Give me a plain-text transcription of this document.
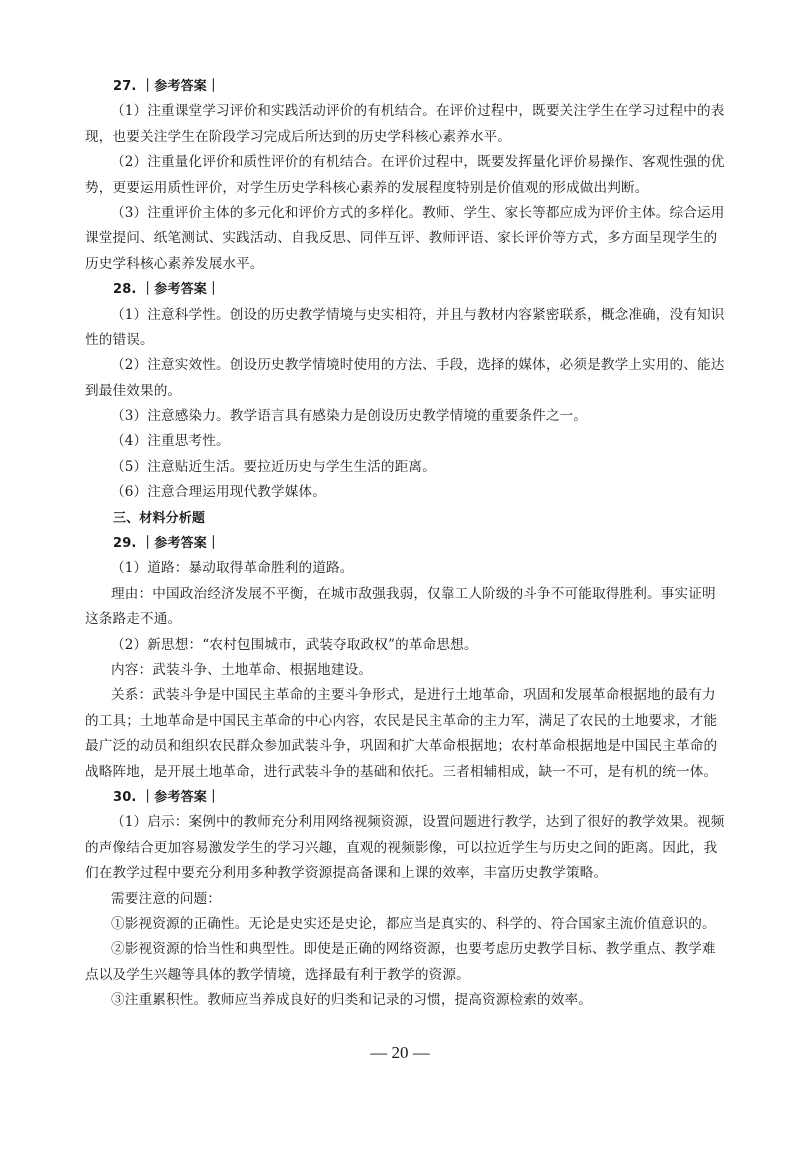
27. ｜参考答案｜
（1）注重课堂学习评价和实践活动评价的有机结合。在评价过程中，既要关注学生在学习过程中的表
现，也要关注学生在阶段学习完成后所达到的历史学科核心素养水平。
（2）注重量化评价和质性评价的有机结合。在评价过程中，既要发挥量化评价易操作、客观性强的优
势，更要运用质性评价，对学生历史学科核心素养的发展程度特别是价值观的形成做出判断。
（3）注重评价主体的多元化和评价方式的多样化。教师、学生、家长等都应成为评价主体。综合运用
课堂提问、纸笔测试、实践活动、自我反思、同伴互评、教师评语、家长评价等方式，多方面呈现学生的
历史学科核心素养发展水平。
28. ｜参考答案｜
（1）注意科学性。创设的历史教学情境与史实相符，并且与教材内容紧密联系，概念准确，没有知识
性的错误。
（2）注意实效性。创设历史教学情境时使用的方法、手段，选择的媒体，必须是教学上实用的、能达
到最佳效果的。
（3）注意感染力。教学语言具有感染力是创设历史教学情境的重要条件之一。
（4）注重思考性。
（5）注意贴近生活。要拉近历史与学生生活的距离。
（6）注意合理运用现代教学媒体。
三、材料分析题
29. ｜参考答案｜
（1）道路：暴动取得革命胜利的道路。
理由：中国政治经济发展不平衡，在城市敌强我弱，仅靠工人阶级的斗争不可能取得胜利。事实证明
这条路走不通。
（2）新思想：“农村包围城市，武装夺取政权”的革命思想。
内容：武装斗争、土地革命、根据地建设。
关系：武装斗争是中国民主革命的主要斗争形式，是进行土地革命，巩固和发展革命根据地的最有力
的工具；土地革命是中国民主革命的中心内容，农民是民主革命的主力军，满足了农民的土地要求，才能
最广泛的动员和组织农民群众参加武装斗争，巩固和扩大革命根据地；农村革命根据地是中国民主革命的
战略阵地，是开展土地革命，进行武装斗争的基础和依托。三者相辅相成，缺一不可，是有机的统一体。
30. ｜参考答案｜
（1）启示：案例中的教师充分利用网络视频资源，设置问题进行教学，达到了很好的教学效果。视频
的声像结合更加容易激发学生的学习兴趣，直观的视频影像，可以拉近学生与历史之间的距离。因此，我
们在教学过程中要充分利用多种教学资源提高备课和上课的效率，丰富历史教学策略。
需要注意的问题：
①影视资源的正确性。无论是史实还是史论，都应当是真实的、科学的、符合国家主流价值意识的。
②影视资源的恰当性和典型性。即使是正确的网络资源，也要考虑历史教学目标、教学重点、教学难
点以及学生兴趣等具体的教学情境，选择最有利于教学的资源。
③注重累积性。教师应当养成良好的归类和记录的习惯，提高资源检索的效率。
— 20 —
